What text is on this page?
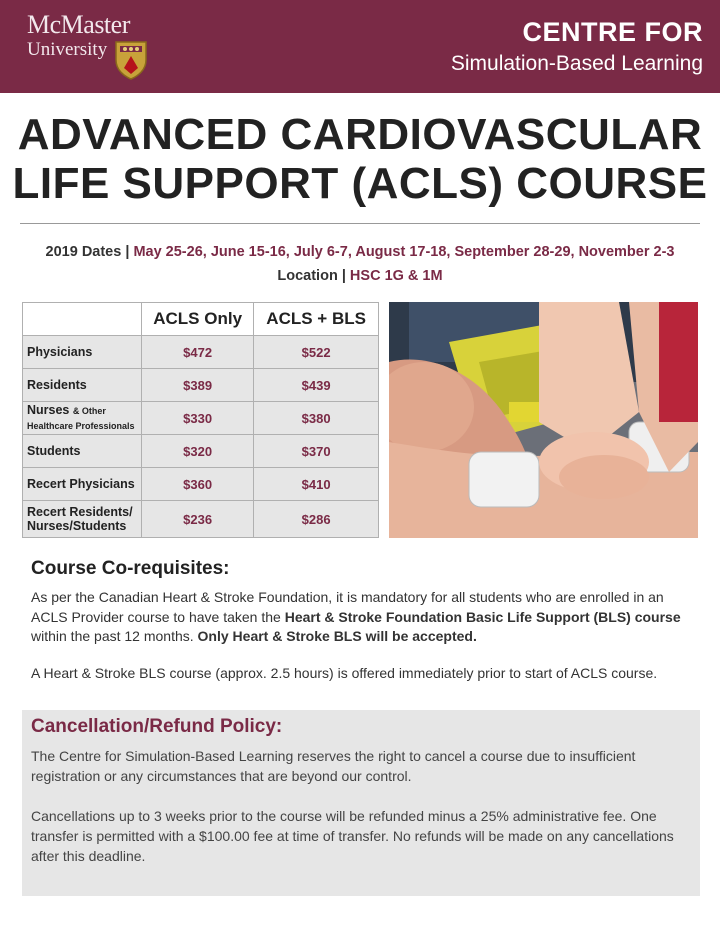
McMaster
University
CENTRE FOR
Simulation-Based Learning
ADVANCED CARDIOVASCULAR
LIFE SUPPORT (ACLS) COURSE
2019 Dates | May 25-26, June 15-16, July 6-7, August 17-18, September 28-29, November 2-3
Location | HSC 1G & 1M
	ACLS Only	ACLS + BLS
Physicians	$472	$522
Residents	$389	$439
Nurses & Other
Healthcare Professionals	$330	$380
Students	$320	$370
Recert Physicians	$360	$410
Recert Residents/
Nurses/Students	$236	$286
Course Co-requisites:
As per the Canadian Heart & Stroke Foundation, it is mandatory for all students who are enrolled in an ACLS Provider course to have taken the Heart & Stroke Foundation Basic Life Support (BLS) course within the past 12 months. Only Heart & Stroke BLS will be accepted.
A Heart & Stroke BLS course (approx. 2.5 hours) is offered immediately prior to start of ACLS course.
Cancellation/Refund Policy:
The Centre for Simulation-Based Learning reserves the right to cancel a course due to insufficient registration or any circumstances that are beyond our control.
Cancellations up to 3 weeks prior to the course will be refunded minus a 25% administrative fee. One transfer is permitted with a $100.00 fee at time of transfer. No refunds will be made on any cancellations after this deadline.
